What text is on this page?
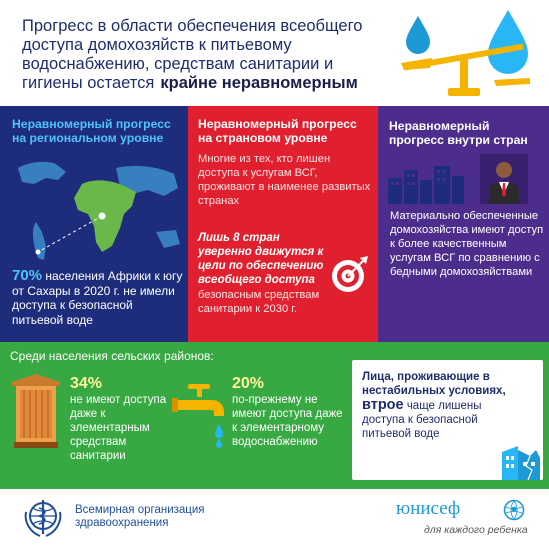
Прогресс в области обеспечения всеобщего доступа домохозяйств к питьевому водоснабжению, средствам санитарии и гигиены остается крайне неравномерным
Неравномерный прогресс на региональном уровне
70% населения Африки к югу от Сахары в 2020 г. не имели доступа к безопасной питьевой воде
Неравномерный прогресс на страновом уровне
Многие из тех, кто лишен доступа к услугам ВСГ, проживают в наименее развитых странах
Лишь 8 стран уверенно движутся к цели по обеспечению всеобщего доступа
безопасным средствам санитарии к 2030 г.
Неравномерный прогресс внутри стран
Материально обеспеченные домохозяйства имеют доступ к более качественным услугам ВСГ по сравнению с бедными домохозяйствами
Среди населения сельских районов:
34%
не имеют доступа даже к элементарным средствам санитарии
20%
по-прежнему не имеют доступа даже к элементарному водоснабжению
Лица, проживающие в нестабильных условиях, втрое чаще лишены доступа к безопасной питьевой воде
Всемирная организация
здравоохранения
юнисеф
для каждого ребенка
